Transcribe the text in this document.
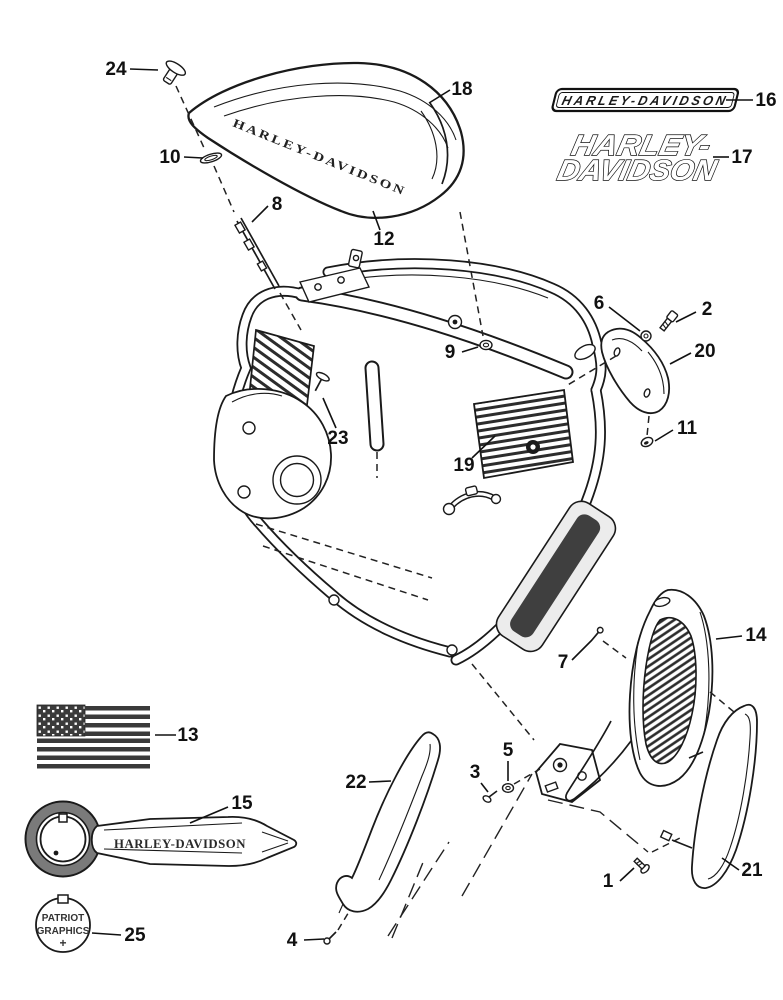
HARLEY-DAVIDSON
HARLEY-DAVIDSON
HARLEY-
DAVIDSON
HARLEY-DAVIDSON
PATRIOT
GRAPHICS
+
24
10
8
12
18
16
17
9
23
6	2
20
11
19
14
7
13
22	3
5
15
21
1
25	4
